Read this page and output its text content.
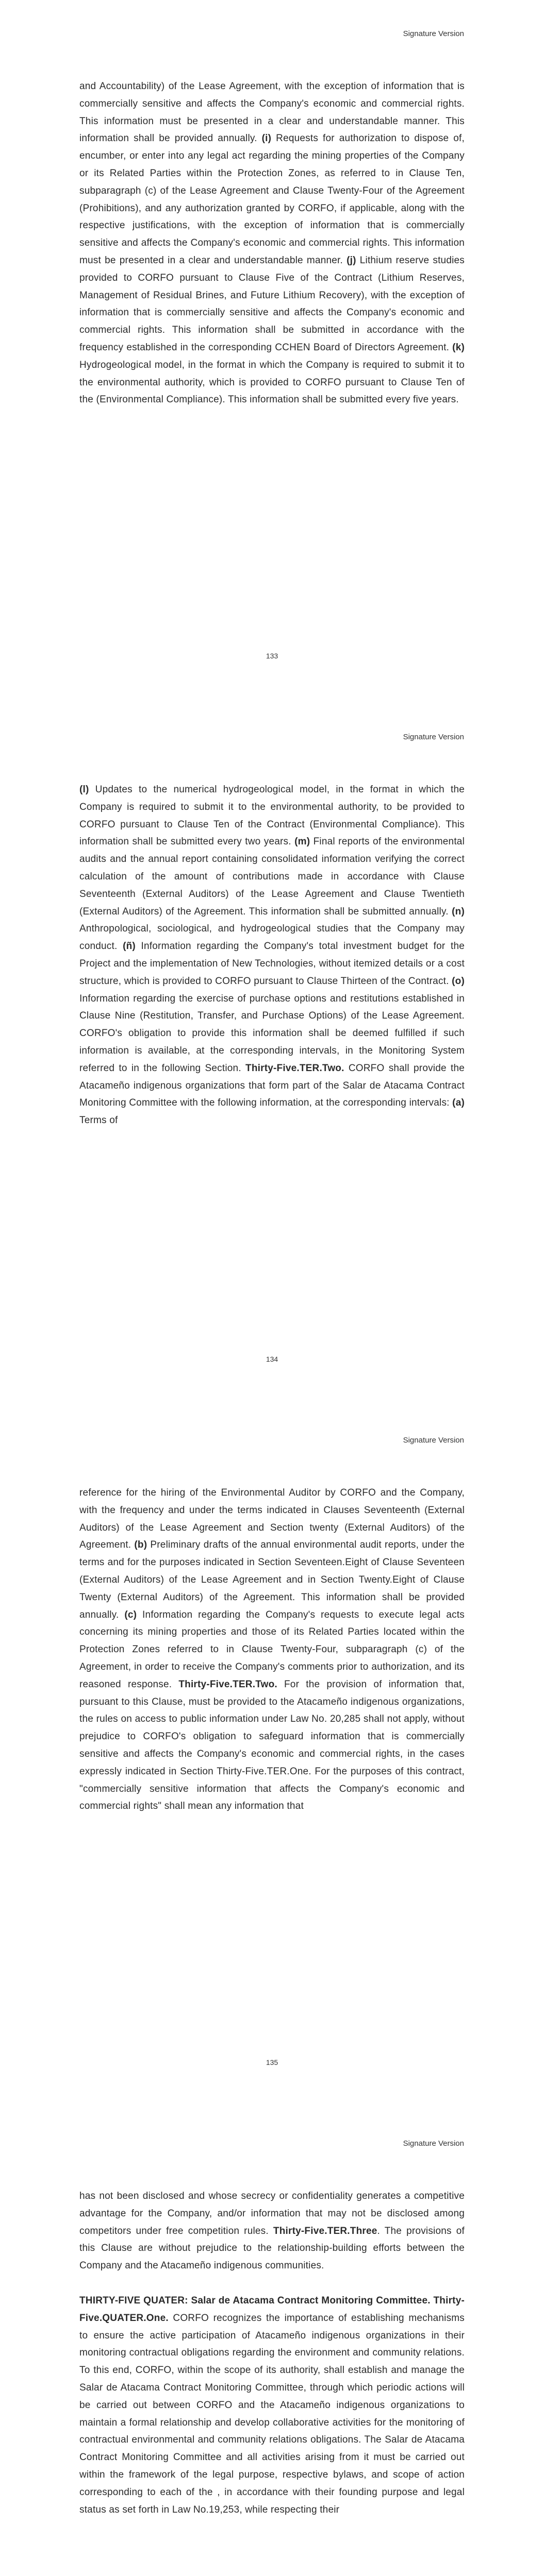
Signature Version

and Accountability) of the Lease Agreement, with the exception of information that is commercially sensitive and affects the Company's economic and commercial rights. This information must be presented in a clear and understandable manner. This information shall be provided annually. (i) Requests for authorization to dispose of, encumber, or enter into any legal act regarding the mining properties of the Company or its Related Parties within the Protection Zones, as referred to in Clause Ten, subparagraph (c) of the Lease Agreement and Clause Twenty-Four of the Agreement (Prohibitions), and any authorization granted by CORFO, if applicable, along with the respective justifications, with the exception of information that is commercially sensitive and affects the Company's economic and commercial rights. This information must be presented in a clear and understandable manner. (j) Lithium reserve studies provided to CORFO pursuant to Clause Five of the Contract (Lithium Reserves, Management of Residual Brines, and Future Lithium Recovery), with the exception of information that is commercially sensitive and affects the Company's economic and commercial rights. This information shall be submitted in accordance with the frequency established in the corresponding CCHEN Board of Directors Agreement. (k) Hydrogeological model, in the format in which the Company is required to submit it to the environmental authority, which is provided to CORFO pursuant to Clause Ten of the (Environmental Compliance). This information shall be submitted every five years.

133
Signature Version

(l) Updates to the numerical hydrogeological model, in the format in which the Company is required to submit it to the environmental authority, to be provided to CORFO pursuant to Clause Ten of the Contract (Environmental Compliance). This information shall be submitted every two years. (m) Final reports of the environmental audits and the annual report containing consolidated information verifying the correct calculation of the amount of contributions made in accordance with Clause Seventeenth (External Auditors) of the Lease Agreement and Clause Twentieth (External Auditors) of the Agreement. This information shall be submitted annually. (n) Anthropological, sociological, and hydrogeological studies that the Company may conduct. (ñ) Information regarding the Company's total investment budget for the Project and the implementation of New Technologies, without itemized details or a cost structure, which is provided to CORFO pursuant to Clause Thirteen of the Contract. (o) Information regarding the exercise of purchase options and restitutions established in Clause Nine (Restitution, Transfer, and Purchase Options) of the Lease Agreement. CORFO's obligation to provide this information shall be deemed fulfilled if such information is available, at the corresponding intervals, in the Monitoring System referred to in the following Section. Thirty-Five.TER.Two. CORFO shall provide the Atacameño indigenous organizations that form part of the Salar de Atacama Contract Monitoring Committee with the following information, at the corresponding intervals: (a) Terms of

134
Signature Version

reference for the hiring of the Environmental Auditor by CORFO and the Company, with the frequency and under the terms indicated in Clauses Seventeenth (External Auditors) of the Lease Agreement and Section twenty (External Auditors) of the Agreement. (b) Preliminary drafts of the annual environmental audit reports, under the terms and for the purposes indicated in Section Seventeen.Eight of Clause Seventeen (External Auditors) of the Lease Agreement and in Section Twenty.Eight of Clause Twenty (External Auditors) of the Agreement. This information shall be provided annually. (c) Information regarding the Company's requests to execute legal acts concerning its mining properties and those of its Related Parties located within the Protection Zones referred to in Clause Twenty-Four, subparagraph (c) of the Agreement, in order to receive the Company's comments prior to authorization, and its reasoned response. Thirty-Five.TER.Two. For the provision of information that, pursuant to this Clause, must be provided to the Atacameño indigenous organizations, the rules on access to public information under Law No. 20,285 shall not apply, without prejudice to CORFO's obligation to safeguard information that is commercially sensitive and affects the Company's economic and commercial rights, in the cases expressly indicated in Section Thirty-Five.TER.One. For the purposes of this contract, "commercially sensitive information that affects the Company's economic and commercial rights" shall mean any information that

135
Signature Version

has not been disclosed and whose secrecy or confidentiality generates a competitive advantage for the Company, and/or information that may not be disclosed among competitors under free competition rules. Thirty-Five.TER.Three. The provisions of this Clause are without prejudice to the relationship-building efforts between the Company and the Atacameño indigenous communities.

THIRTY-FIVE QUATER: Salar de Atacama Contract Monitoring Committee. Thirty-Five.QUATER.One. CORFO recognizes the importance of establishing mechanisms to ensure the active participation of Atacameño indigenous organizations in their monitoring contractual obligations regarding the environment and community relations. To this end, CORFO, within the scope of its authority, shall establish and manage the Salar de Atacama Contract Monitoring Committee, through which periodic actions will be carried out between CORFO and the Atacameño indigenous organizations to maintain a formal relationship and develop collaborative activities for the monitoring of contractual environmental and community relations obligations. The Salar de Atacama Contract Monitoring Committee and all activities arising from it must be carried out within the framework of the legal purpose, respective bylaws, and scope of action corresponding to each of the , in accordance with their founding purpose and legal status as set forth in Law No.19,253, while respecting their
